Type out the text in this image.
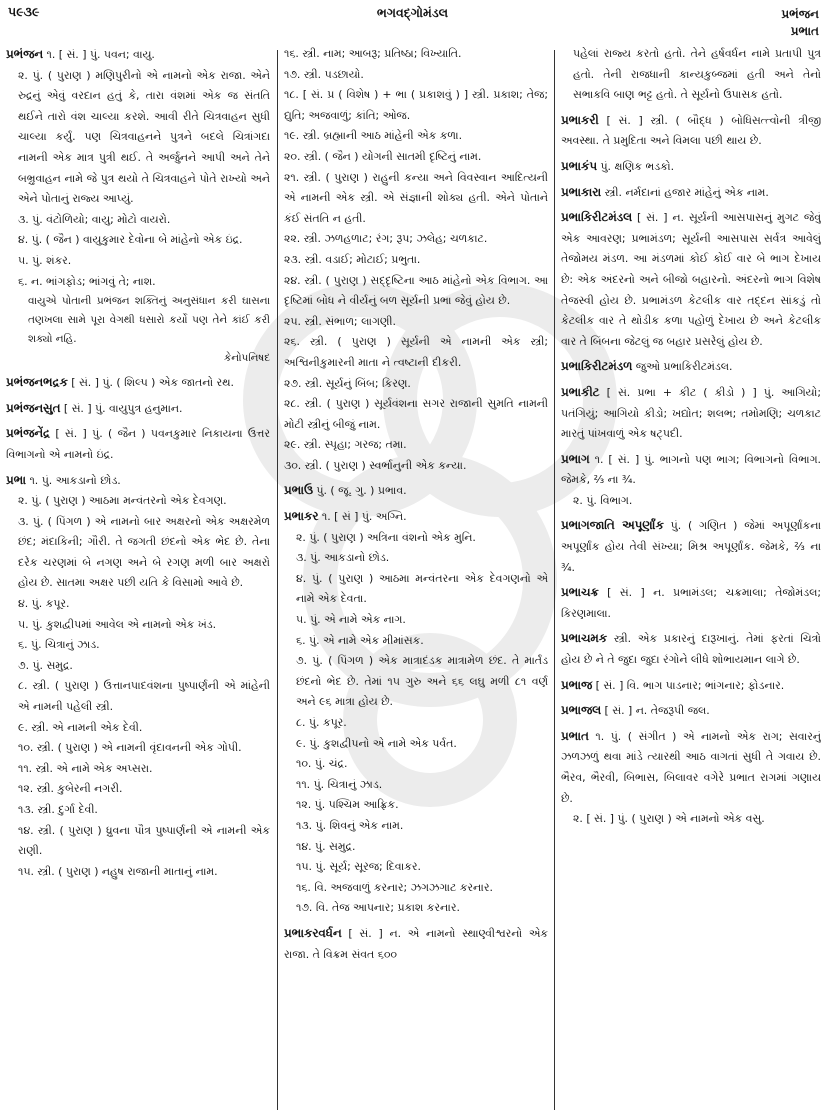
૫૯૩૯	ભગવદ્ગોમંડલ	પ્રભંજન
પ્રભાત
પ્રભંજન ૧. [ સં. ] પું. પવન; વાયુ.
૨. પું. ( પુરાણ ) મણિપુરીનો એ નામનો એક રાજા. એને રુદ્રનું એવું વરદાન હતું કે, તારા વંશમાં એક જ સંતતિ થઈને તારો વંશ ચાલ્યા કરશે. આવી રીતે ચિત્રવાહન સુધી ચાલ્યા કર્યું. પણ ચિત્રવાહનને પુત્રને બદલે ચિત્રાંગદા નામની એક માત્ર પુત્રી થઈ. તે અર્જુનને આપી અને તેને બભ્રુવાહન નામે જે પુત્ર થયો તે ચિત્રવાહને પોતે રાખ્યો અને એને પોતાનું રાજ્ય આપ્યું.
૩. પું. વંટોળિયો; વાયુ; મોટો વાયરો.
૪. પું. ( જૈન ) વાયુકુમાર દેવોના બે માંહેનો એક ઇંદ્ર.
૫. પું. શંકર.
૬. ન. ભાંગફોડ; ભાંગવું તે; નાશ.
વાયુએ પોતાની પ્રભંજન શક્તિનું અનુસંધાન કરી ઘાસના તણખલા સામે પૂરા વેગથી ધસારો કર્યો પણ તેને કાંઈ કરી શક્યો નહિ.
કેનોપનિષદ
પ્રભંજનભદ્રક [ સં. ] પું. ( શિલ્પ ) એક જાતનો રથ.
પ્રભંજનસુત [ સં. ] પું. વાયુપુત્ર હનુમાન.
પ્રભંજનેંદ્ર [ સં. ] પું. ( જૈન ) પવનકુમાર નિકાયના ઉત્તર વિભાગનો એ નામનો ઇંદ્ર.
પ્રભા ૧. પું. આકડાનો છોડ.
૨. પું. ( પુરાણ ) આઠમા મન્વંતરનો એક દેવગણ.
૩. પું. ( પિંગળ ) એ નામનો બાર અક્ષરનો એક અક્ષરમેળ છંદ; મંદાકિની; ગૌરી. તે જગતી છંદનો એક ભેદ છે. તેના દરેક ચરણમાં બે નગણ અને બે રગણ મળી બાર અક્ષરો હોય છે. સાતમા અક્ષર પછી યતિ કે વિસામો આવે છે.
૪. પું. કપૂર.
૫. પું. કુશદ્વીપમાં આવેલ એ નામનો એક ખંડ.
૬. પું. ચિત્રાનું ઝાડ.
૭. પું. સમુદ્ર.
૮. સ્ત્રી. ( પુરાણ ) ઉત્તાનપાદવંશના પુષ્પાર્ણની એ માંહેની એ નામની પહેલી સ્ત્રી.
૯. સ્ત્રી. એ નામની એક દેવી.
૧૦. સ્ત્રી. ( પુરાણ ) એ નામની વૃંદાવનની એક ગોપી.
૧૧. સ્ત્રી. એ નામે એક અપ્સરા.
૧૨. સ્ત્રી. કુબેરની નગરી.
૧૩. સ્ત્રી. દુર્ગા દેવી.
૧૪. સ્ત્રી. ( પુરાણ ) ધ્રુવના પૌત્ર પુષ્પાર્ણની એ નામની એક રાણી.
૧૫. સ્ત્રી. ( પુરાણ ) નહુષ રાજાની માતાનું નામ.
૧૬. સ્ત્રી. નામ; આબરૂ; પ્રતિષ્ઠા; વિખ્યાતિ.
૧૭. સ્ત્રી. પડછાયો.
૧૮. [ સં. પ્ર ( વિશેષ ) + ભા ( પ્રકાશવું ) ] સ્ત્રી. પ્રકાશ; તેજ; દ્યુતિ; અજવાળું; કાંતિ; ઓજ.
૧૯. સ્ત્રી. બ્રહ્માની આઠ માંહેની એક કળા.
૨૦. સ્ત્રી. ( જૈન ) યોગની સાતમી દૃષ્ટિનું નામ.
૨૧. સ્ત્રી. ( પુરાણ ) રાહુની કન્યા અને વિવસ્વાન આદિત્યની એ નામની એક સ્ત્રી. એ સંજ્ઞાની શોક્ય હતી. એને પોતાને કંઈ સંતતિ ન હતી.
૨૨. સ્ત્રી. ઝળહળાટ; રંગ; રૂપ; ઝલેહ; ચળકાટ.
૨૩. સ્ત્રી. વડાઈ; મોટાઈ; પ્રભુતા.
૨૪. સ્ત્રી. ( પુરાણ ) સદ્દૃષ્ટિના આઠ માંહેનો એક વિભાગ. આ દૃષ્ટિમાં બોધ ને વીર્યનું બળ સૂર્યની પ્રભા જેવું હોય છે.
૨૫. સ્ત્રી. સંભાળ; લાગણી.
૨૬. સ્ત્રી. ( પુરાણ ) સૂર્યની એ નામની એક સ્ત્રી; અશ્વિનીકુમારની માતા ને ત્વષ્ટાની દીકરી.
૨૭. સ્ત્રી. સૂર્યનું બિંબ; કિરણ.
૨૮. સ્ત્રી. ( પુરાણ ) સૂર્યવંશના સગર રાજાની સુમતિ નામની મોટી સ્ત્રીનું બીજું નામ.
૨૯. સ્ત્રી. સ્પૃહા; ગરજ; તમા.
૩૦. સ્ત્રી. ( પુરાણ ) સ્વર્ભાનુની એક કન્યા.
પ્રભાઉ પું. ( જૂ. ગુ. ) પ્રભાવ.
પ્રભાકર ૧. [ સં ] પું. અગ્નિ.
૨. પું. ( પુરાણ ) અત્રિના વંશનો એક મુનિ.
૩. પું. આકડાનો છોડ.
૪. પું. ( પુરાણ ) આઠમા મન્વંતરના એક દેવગણનો એ નામે એક દેવતા.
૫. પું. એ નામે એક નાગ.
૬. પું. એ નામે એક મીમાંસક.
૭. પું. ( પિંગળ ) એક માત્રાદંડક માત્રામેળ છંદ. તે માર્તંડ છંદનો ભેદ છે. તેમાં ૧૫ ગુરુ અને ૬૬ લઘુ મળી ૮૧ વર્ણ અને ૯૬ માત્રા હોય છે.
૮. પું. કપૂર.
૯. પું. કુશદ્વીપનો એ નામે એક પર્વત.
૧૦. પું. ચંદ્ર.
૧૧. પું. ચિત્રાનું ઝાડ.
૧૨. પું. પશ્ચિમ આફ્રિક.
૧૩. પું. શિવનું એક નામ.
૧૪. પું. સમુદ્ર.
૧૫. પું. સૂર્ય; સૂરજ; દિવાકર.
૧૬. વિ. અજવાળું કરનાર; ઝગઝગાટ કરનાર.
૧૭. વિ. તેજ આપનાર; પ્રકાશ કરનાર.
પ્રભાકરવર્ધન [ સં. ] ન. એ નામનો સ્થાણ્વીશ્વરનો એક રાજા. તે વિક્રમ સંવત ૬૦૦
પહેલાં રાજ્ય કરતો હતો. તેને હર્ષવર્ધન નામે પ્રતાપી પુત્ર હતો. તેની રાજધાની કાન્યકુબ્જમાં હતી અને તેનો સભાકવિ બાણ ભટ્ટ હતો. તે સૂર્યનો ઉપાસક હતો.
પ્રભાકરી [ સં. ] સ્ત્રી. ( બૌદ્ધ ) બોધિસત્ત્વોની ત્રીજી અવસ્થા. તે પ્રમુદિતા અને વિમલા પછી થાય છે.
પ્રભાકંપ પું. ક્ષણિક ભડકો.
પ્રભાકારા સ્ત્રી. નર્મદાનાં હજાર માંહેનું એક નામ.
પ્રભાકિરીટમંડલ [ સં. ] ન. સૂર્યની આસપાસનું મુગટ જેવું એક આવરણ; પ્રભામંડળ; સૂર્યની આસપાસ સર્વત્ર આવેલું તેજોમય મંડળ. આ મંડળમાં કોઈ કોઈ વાર બે ભાગ દેખાય છે: એક અંદરનો અને બીજો બહારનો. અંદરનો ભાગ વિશેષ તેજસ્વી હોય છે. પ્રભામંડળ કેટલીક વાર તદ્દન સાંકડું તો કેટલીક વાર તે થોડીક કળા પહોળું દેખાય છે અને કેટલીક વાર તે બિંબના જેટલું જ બહાર પ્રસરેલું હોય છે.
પ્રભાકિરીટમંડળ જુઓ પ્રભાકિરીટમંડલ.
પ્રભાકીટ [ સં. પ્રભા + કીટ ( કીડો ) ] પું. આગિયો; પતંગિયું; આગિયો કીડો; ખદ્યોત; શલભ; તમોમણિ; ચળકાટ મારતું પાંખવાળું એક ષટ્પદી.
પ્રભાગ ૧. [ સં. ] પું. ભાગનો પણ ભાગ; વિભાગનો વિભાગ. જેમકે, ⅔ ના ¾.
૨. પું. વિભાગ.
પ્રભાગજાતિ અપૂર્ણાંક પું. ( ગણિત ) જેમાં અપૂર્ણાંકના અપૂર્ણાંક હોય તેવી સંખ્યા; મિશ્ર અપૂર્ણાંક. જેમકે, ⅔ ના ¾.
પ્રભાચક્ર [ સં. ] ન. પ્રભામંડલ; ચક્રમાલા; તેજોમંડલ; કિરણમાલા.
પ્રભાચમક સ્ત્રી. એક પ્રકારનું દારૂખાનું. તેમાં ફરતાં ચિત્રો હોય છે ને તે જુદા જુદા રંગોને લીધે શોભાયમાન લાગે છે.
પ્રભાજ [ સં. ] વિ. ભાગ પાડનાર; ભાંગનાર; ફોડનાર.
પ્રભાજલ [ સં. ] ન. તેજરૂપી જલ.
પ્રભાત ૧. પું. ( સંગીત ) એ નામનો એક રાગ; સવારનું ઝળઝળું થવા માંડે ત્યારથી આઠ વાગતાં સુધી તે ગવાય છે. ભૈરવ, ભૈરવી, બિભાસ, બિલાવર વગેરે પ્રભાત રાગમાં ગણાય છે.
૨. [ સં. ] પું. ( પુરાણ ) એ નામનો એક વસુ.
